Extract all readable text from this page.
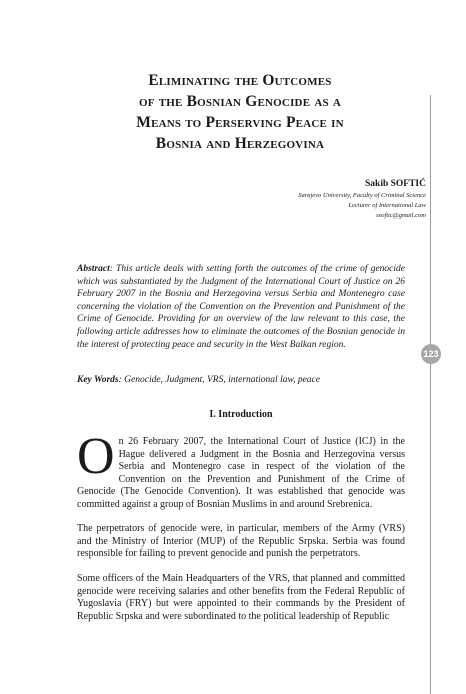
123
Eliminating the Outcomes
of the Bosnian Genocide as a
Means to Perserving Peace in
Bosnia and Herzegovina
Sakib SOFTIĆ
Sarajevo University, Faculty of Criminal Science
Lecturer of International Law
ssoftic@gmail.com

Abstract: This article deals with setting forth the outcomes of the crime of genocide which was substantiated by the Judgment of the International Court of Justice on 26 February 2007 in the Bosnia and Herzegovina versus Serbia and Montenegro case concerning the violation of the Convention on the Prevention and Punishment of the Crime of Genocide. Providing for an overview of the law relevant to this case, the following article addresses how to eliminate the outcomes of the Bosnian genocide in the interest of protecting peace and security in the West Balkan region.

Key Words: Genocide, Judgment, VRS, international law, peace

I. Introduction

On 26 February 2007, the International Court of Justice (ICJ) in the Hague delivered a Judgment in the Bosnia and Herzegovina versus Serbia and Montenegro case in respect of the violation of the Convention on the Prevention and Punishment of the Crime of Genocide (The Genocide Convention). It was established that genocide was committed against a group of Bosnian Muslims in and around Srebrenica.

The perpetrators of genocide were, in particular, members of the Army (VRS) and the Ministry of Interior (MUP) of the Republic Srpska. Serbia was found responsible for failing to prevent genocide and punish the perpetrators.

Some officers of the Main Headquarters of the VRS, that planned and committed genocide were receiving salaries and other benefits from the Federal Republic of Yugoslavia (FRY) but were appointed to their commands by the President of Republic Srpska and were subordinated to the political leadership of Republic
